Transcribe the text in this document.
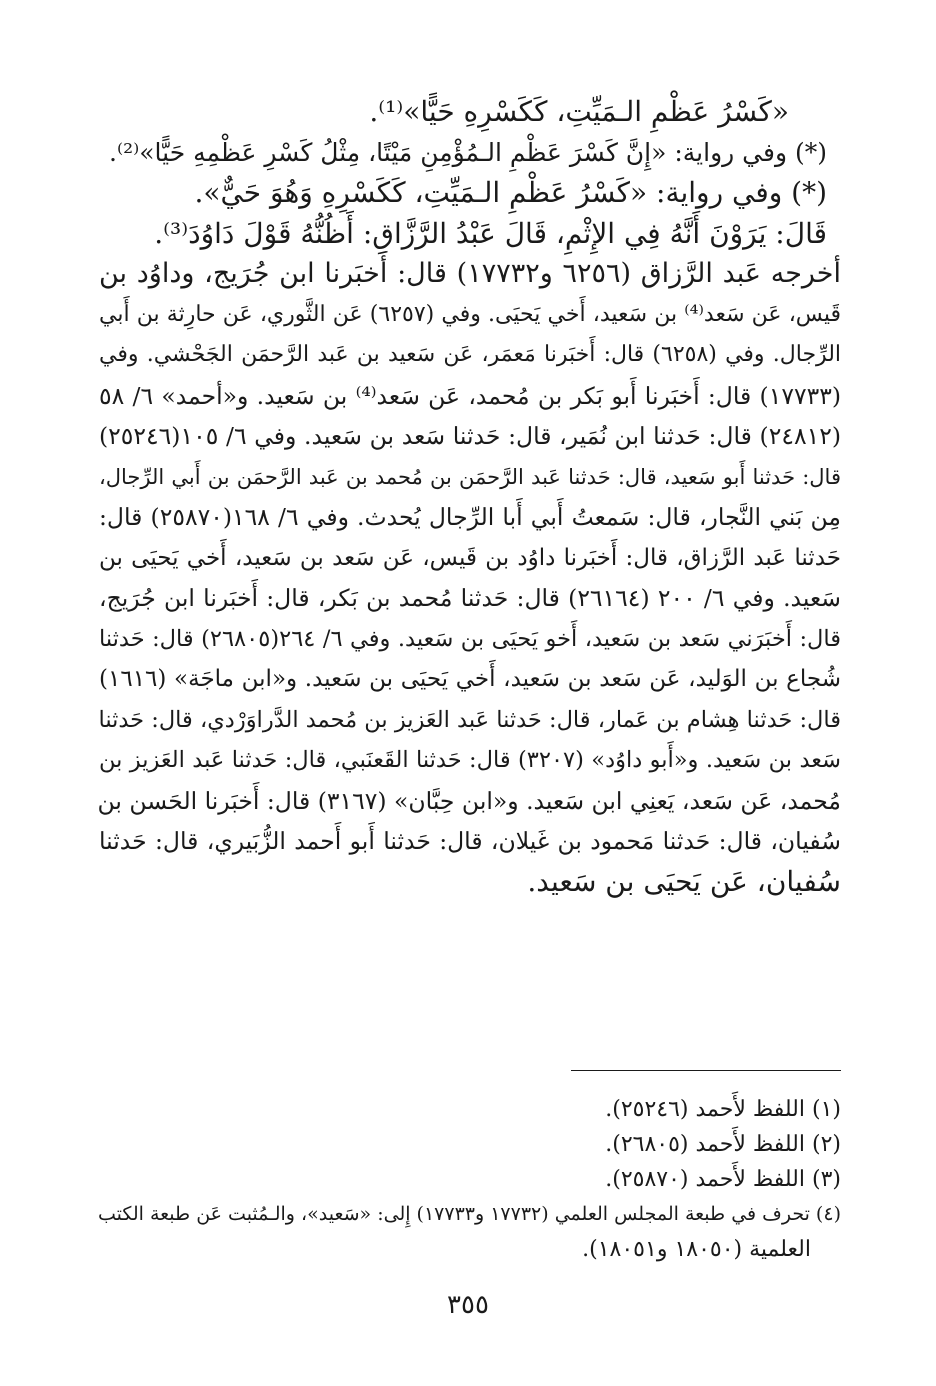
«كَسْرُ عَظْمِ الـمَيِّتِ، كَكَسْرِهِ حَيًّا»⁽¹⁾.
(*) وفي رواية: «إِنَّ كَسْرَ عَظْمِ الـمُؤْمِنِ مَيْتًا، مِثْلُ كَسْرِ عَظْمِهِ حَيًّا»⁽²⁾.
(*) وفي رواية: «كَسْرُ عَظْمِ الـمَيِّتِ، كَكَسْرِهِ وَهُوَ حَيٌّ».
قَالَ: يَرَوْنَ أَنَّهُ فِي الإِثْمِ، قَالَ عَبْدُ الرَّزَّاقِ: أَظُنُّهُ قَوْلَ دَاوُدَ⁽³⁾.
أخرجه عَبد الرَّزاق (٦٢٥٦ و١٧٧٣٢) قال: أَخبَرنا ابن جُرَيج، وداوُد بن
قَيس، عَن سَعد⁽⁴⁾ بن سَعيد، أَخي يَحيَى. وفي (٦٢٥٧) عَن الثَّوري، عَن حارِثة بن أَبي
الرِّجال. وفي (٦٢٥٨) قال: أَخبَرنا مَعمَر، عَن سَعيد بن عَبد الرَّحمَن الجَحْشي. وفي
(١٧٧٣٣) قال: أَخبَرنا أَبو بَكر بن مُحمد، عَن سَعد⁽⁴⁾ بن سَعيد. و«أحمد» ٦/ ٥٨
(٢٤٨١٢) قال: حَدثنا ابن نُمَير، قال: حَدثنا سَعد بن سَعيد. وفي ٦/ ١٠٥(٢٥٢٤٦)
قال: حَدثنا أَبو سَعيد، قال: حَدثنا عَبد الرَّحمَن بن مُحمد بن عَبد الرَّحمَن بن أَبي الرِّجال،
مِن بَني النَّجار، قال: سَمعتُ أَبي أَبا الرِّجال يُحدث. وفي ٦/ ١٦٨(٢٥٨٧٠) قال:
حَدثنا عَبد الرَّزاق، قال: أَخبَرنا داوُد بن قَيس، عَن سَعد بن سَعيد، أَخي يَحيَى بن
سَعيد. وفي ٦/ ٢٠٠ (٢٦١٦٤) قال: حَدثنا مُحمد بن بَكر، قال: أَخبَرنا ابن جُرَيج،
قال: أَخبَرَني سَعد بن سَعيد، أَخو يَحيَى بن سَعيد. وفي ٦/ ٢٦٤(٢٦٨٠٥) قال: حَدثنا
شُجاع بن الوَليد، عَن سَعد بن سَعيد، أَخي يَحيَى بن سَعيد. و«ابن ماجَة» (١٦١٦)
قال: حَدثنا هِشام بن عَمار، قال: حَدثنا عَبد العَزيز بن مُحمد الدَّراوَرْدي، قال: حَدثنا
سَعد بن سَعيد. و«أَبو داوُد» (٣٢٠٧) قال: حَدثنا القَعنَبي، قال: حَدثنا عَبد العَزيز بن
مُحمد، عَن سَعد، يَعنِي ابن سَعيد. و«ابن حِبَّان» (٣١٦٧) قال: أَخبَرنا الحَسن بن
سُفيان، قال: حَدثنا مَحمود بن غَيلان، قال: حَدثنا أَبو أَحمد الزُّبَيري، قال: حَدثنا
سُفيان، عَن يَحيَى بن سَعيد.
(١) اللفظ لأَحمد (٢٥٢٤٦).
(٢) اللفظ لأَحمد (٢٦٨٠٥).
(٣) اللفظ لأَحمد (٢٥٨٧٠).
(٤) تحرف في طبعة المجلس العلمي (١٧٧٣٢ و١٧٧٣٣) إِلى: «سَعيد»، والـمُثبت عَن طبعة الكتب
العلمية (١٨٠٥٠ و١٨٠٥١).
٣٥٥
